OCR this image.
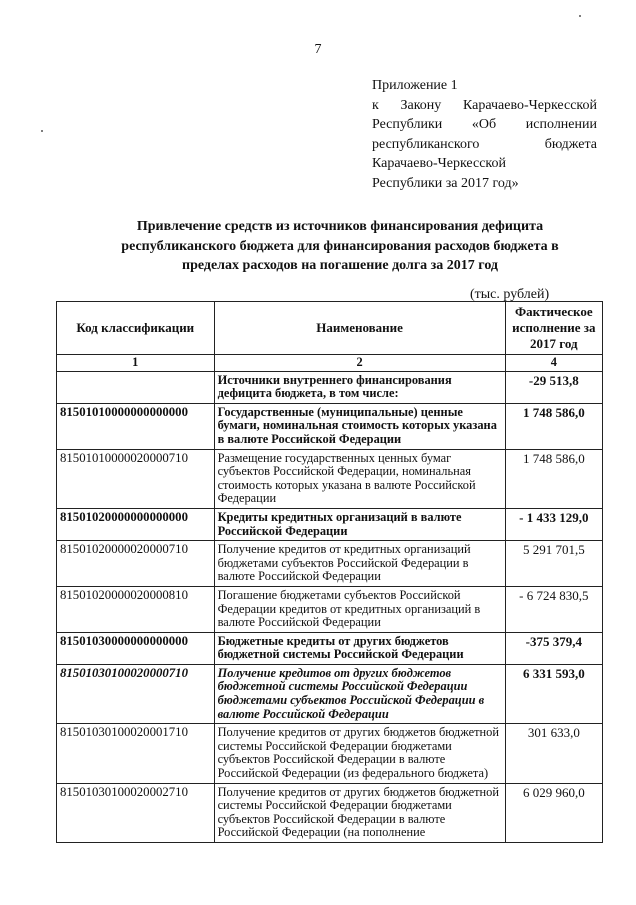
7
Приложение 1
к Закону Карачаево-Черкесской
Республики «Об исполнении
республиканского бюджета
Карачаево-Черкесской
Республики за 2017 год»
Привлечение средств из источников финансирования дефицита
республиканского бюджета для финансирования расходов бюджета в
пределах расходов на погашение долга за 2017 год
(тыс. рублей)
Код классификации	Наименование	Фактическое исполнение за 2017 год
1	2	4
	Источники внутреннего финансирования дефицита бюджета, в том числе:	-29 513,8
81501010000000000000	Государственные (муниципальные) ценные бумаги, номинальная стоимость которых указана в валюте Российской Федерации	1 748 586,0
81501010000020000710	Размещение государственных ценных бумаг субъектов Российской Федерации, номинальная стоимость которых указана в валюте Российской Федерации	1 748 586,0
81501020000000000000	Кредиты кредитных организаций в валюте Российской Федерации	- 1 433 129,0
81501020000020000710	Получение кредитов от кредитных организаций бюджетами субъектов Российской Федерации в валюте Российской Федерации	5 291 701,5
81501020000020000810	Погашение бюджетами субъектов Российской Федерации кредитов от кредитных организаций в валюте Российской Федерации	- 6 724 830,5
81501030000000000000	Бюджетные кредиты от других бюджетов бюджетной системы Российской Федерации	-375 379,4
81501030100020000710	Получение кредитов от других бюджетов бюджетной системы Российской Федерации бюджетами субъектов Российской Федерации в валюте Российской Федерации	6 331 593,0
81501030100020001710	Получение кредитов от других бюджетов бюджетной системы Российской Федерации бюджетами субъектов Российской Федерации в валюте Российской Федерации (из федерального бюджета)	301 633,0
81501030100020002710	Получение кредитов от других бюджетов бюджетной системы Российской Федерации бюджетами субъектов Российской Федерации в валюте Российской Федерации (на пополнение	6 029 960,0
